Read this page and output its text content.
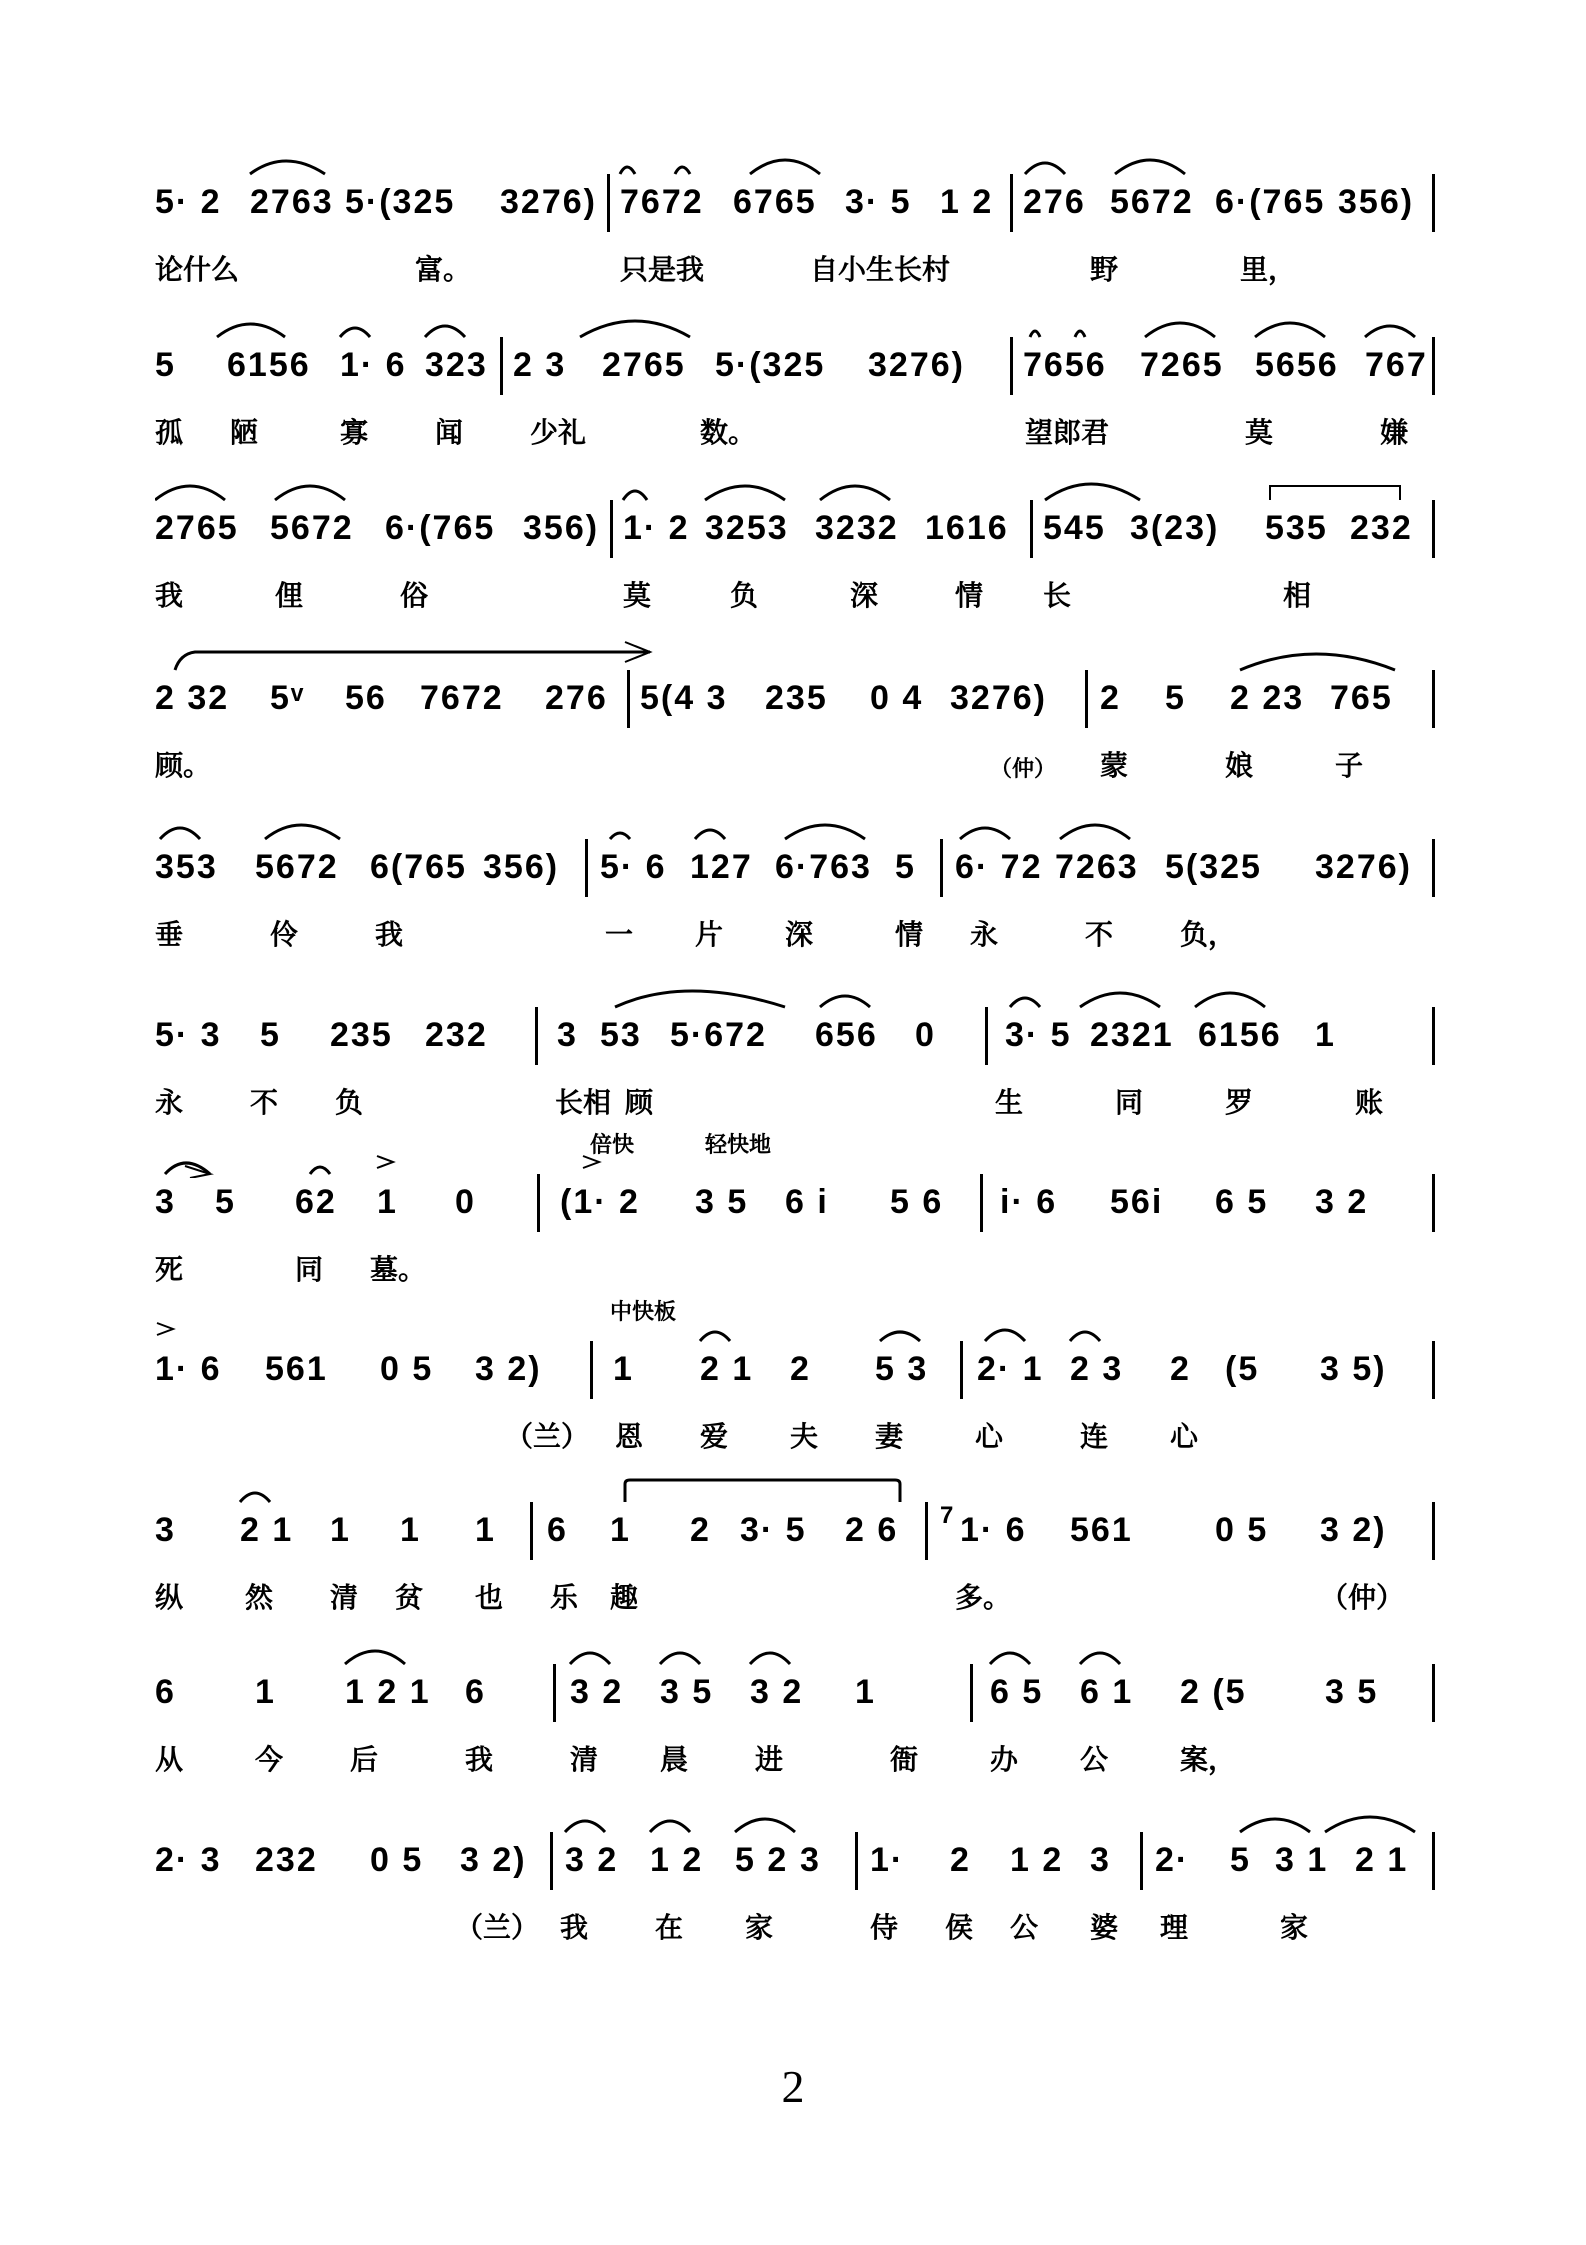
5· 2 2763 5·(325 3276) 7672 6765 3· 5 1 2 276 5672 6·(765 356)
论什么	富。	只是我	自小生长村	野	里，
5 6156 1· 6 323 2 3 2765 5·(325 3276) 7656 7265 5656 767
孤 陋	寡 闻 少礼	数。	望郎君	莫	嫌
2765 5672 6·(765 356) 1· 2 3253 3232 1616 545 3(23) 535 232
我	俚	俗	莫	负	深	情 长	相
2 32 5ᵛ 56 7672 276 5(4 3 235 0 4 3276) 2 5 2 23 765
顾。	（仲） 蒙	娘	子
353 5672 6(765 356) 5· 6 127 6·763 5 6· 72 7263 5(325 3276)
垂	伶	我	一 片 深	情 永	不 负，
5· 3 5 235 232 3 53 5·672 656 0 3· 5 2321 6156 1
永 不 负	长相 顾	生	同	罗	账
倍快	轻快地
3 5 62 1 0 (1· 2 3 5 6 i 5 6 i· 6 56i 6 5 3 2
死	同 墓。
中快板
1· 6 561 0 5 3 2) 1 2 1 2 5 3 2· 1 2 3 2 (5 3 5)
（兰） 恩 爱 夫 妻	心	连 心
3 2 1 1 1 1 6 1 2 3· 5 2 6 7 1· 6 561 0 5 3 2)
纵 然 清 贫 也 乐 趣	多。	（仲）
6 1 1 2 1 6 3 2 3 5 3 2 1	6 5 6 1 2 (5 3 5
从	今 后	我	清 晨 进	衙	办 公	案，
2· 3 232 0 5 3 2) 3 2 1 2 5 2 3 1· 2 1 2 3 2· 5 3 1 2 1
（兰） 我 在 家	侍 侯 公 婆 理	家
2
